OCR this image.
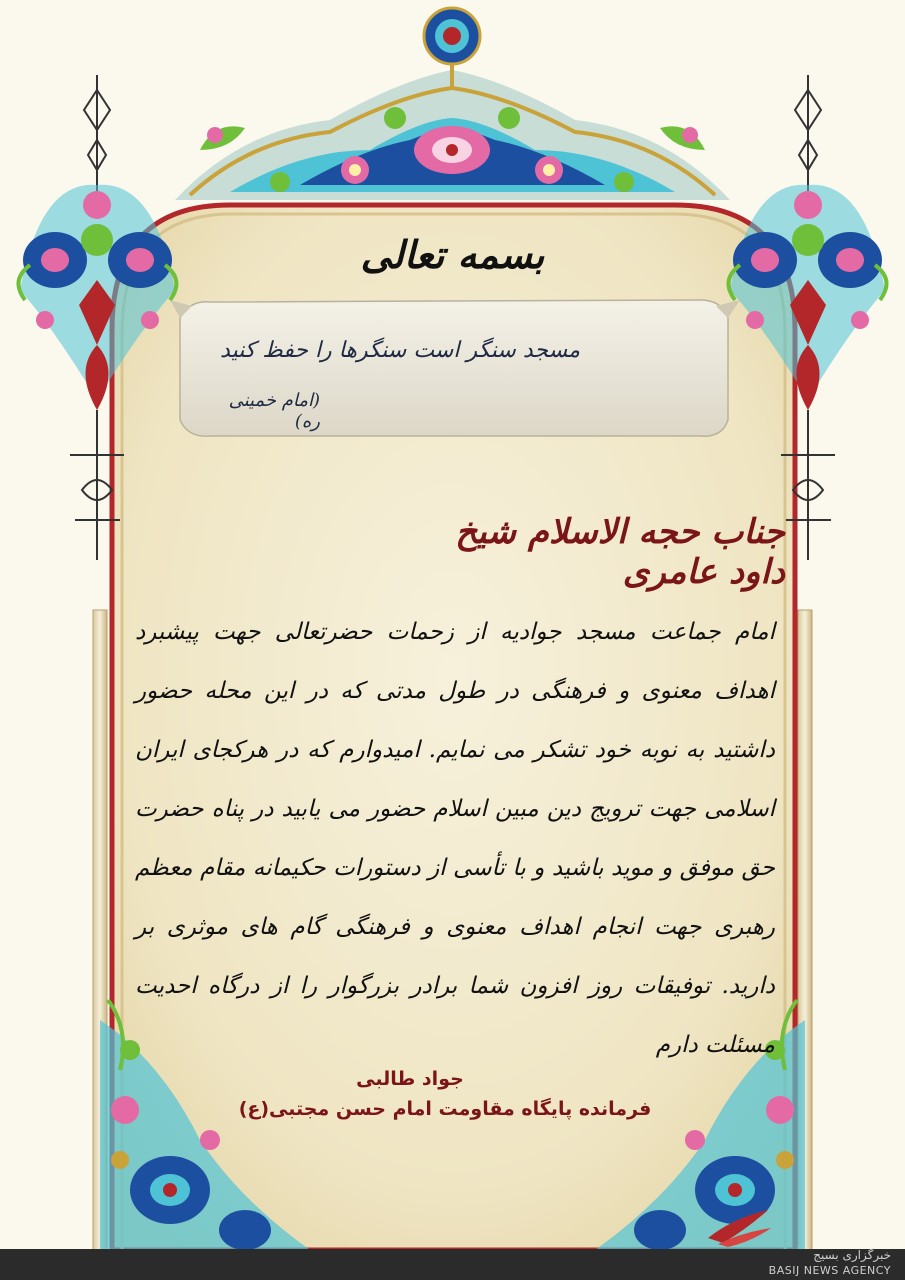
بسمه تعالی
مسجد سنگر است سنگرها را حفظ کنید
(امام خمینی ره)
جناب حجه الاسلام شیخ داود عامری

امام جماعت مسجد جوادیه از زحمات حضرتعالی جهت پیشبرد اهداف معنوی و فرهنگی در طول مدتی که در این محله حضور داشتید به نوبه خود تشکر می نمایم. امیدوارم که در هرکجای ایران اسلامی جهت ترویج دین مبین اسلام حضور می یابید در پناه حضرت حق موفق و موید باشید و با تأسی از دستورات حکیمانه مقام معظم رهبری جهت انجام اهداف معنوی و فرهنگی گام های موثری بر دارید. توفیقات روز افزون شما برادر بزرگوار را از درگاه احدیت مسئلت دارم

جواد طالبی
فرمانده پایگاه مقاومت امام حسن مجتبی(ع)
خبرگزاری بسیج
BASIJ NEWS AGENCY
